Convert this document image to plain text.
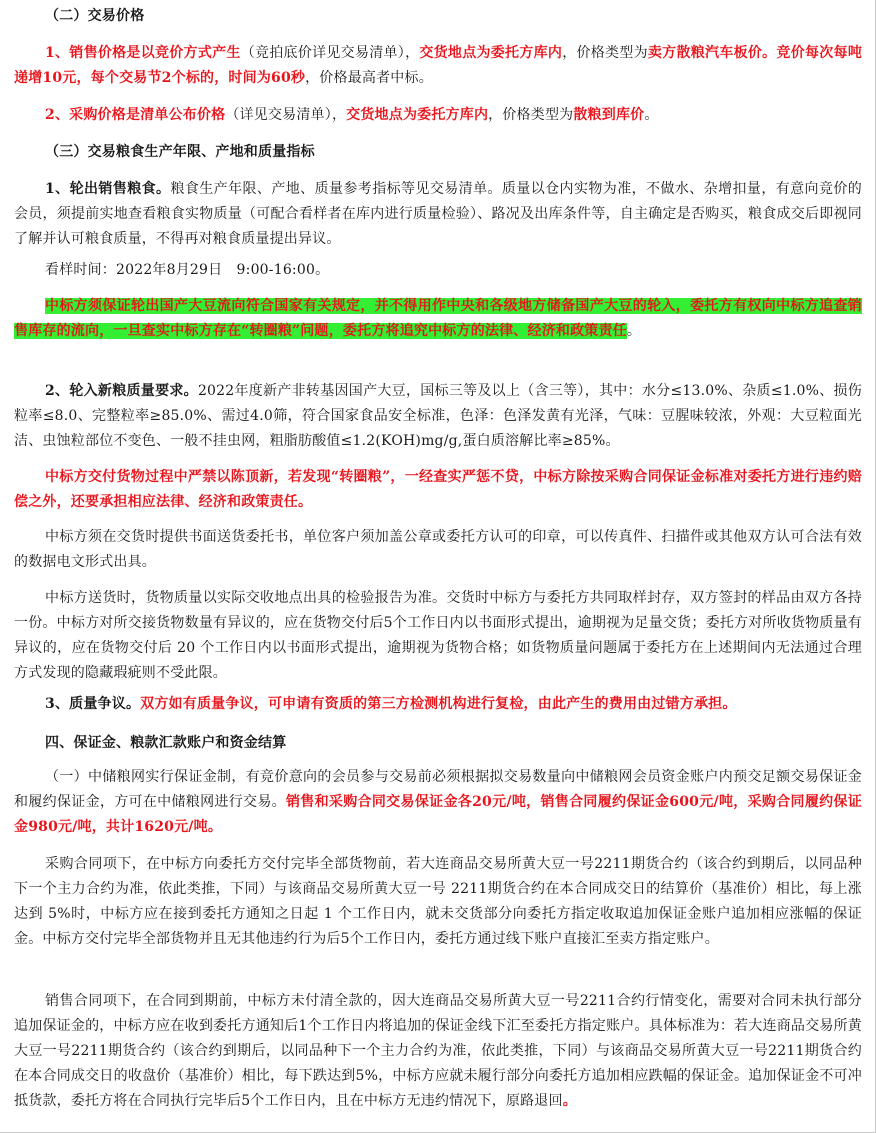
（二）交易价格

1、销售价格是以竞价方式产生（竞拍底价详见交易清单），交货地点为委托方库内，价格类型为卖方散粮汽车板价。竞价每次每吨递增10元，每个交易节2个标的，时间为60秒，价格最高者中标。

2、采购价格是清单公布价格（详见交易清单），交货地点为委托方库内，价格类型为散粮到库价。

（三）交易粮食生产年限、产地和质量指标

1、轮出销售粮食。粮食生产年限、产地、质量参考指标等见交易清单。质量以仓内实物为准，不做水、杂增扣量，有意向竞价的会员，须提前实地查看粮食实物质量（可配合看样者在库内进行质量检验）、路况及出库条件等，自主确定是否购买，粮食成交后即视同了解并认可粮食质量，不得再对粮食质量提出异议。

看样时间：2022年8月29日　9:00-16:00。

中标方须保证轮出国产大豆流向符合国家有关规定，并不得用作中央和各级地方储备国产大豆的轮入，委托方有权向中标方追查销售库存的流向，一旦查实中标方存在“转圈粮”问题，委托方将追究中标方的法律、经济和政策责任。

2、轮入新粮质量要求。2022年度新产非转基因国产大豆，国标三等及以上（含三等），其中：水分≤13.0%、杂质≤1.0%、损伤粒率≤8.0、完整粒率≥85.0%、需过4.0筛，符合国家食品安全标准，色泽：色泽发黄有光泽，气味：豆腥味较浓，外观：大豆粒面光洁、虫蚀粒部位不变色、一般不挂虫网，粗脂肪酸值≤1.2(KOH)mg/g,蛋白质溶解比率≥85%。

中标方交付货物过程中严禁以陈顶新，若发现“转圈粮”，一经查实严惩不贷，中标方除按采购合同保证金标准对委托方进行违约赔偿之外，还要承担相应法律、经济和政策责任。

中标方须在交货时提供书面送货委托书，单位客户须加盖公章或委托方认可的印章，可以传真件、扫描件或其他双方认可合法有效的数据电文形式出具。

中标方送货时，货物质量以实际交收地点出具的检验报告为准。交货时中标方与委托方共同取样封存，双方签封的样品由双方各持一份。中标方对所交接货物数量有异议的，应在货物交付后5个工作日内以书面形式提出，逾期视为足量交货；委托方对所收货物质量有异议的，应在货物交付后 20 个工作日内以书面形式提出，逾期视为货物合格；如货物质量问题属于委托方在上述期间内无法通过合理方式发现的隐藏瑕疵则不受此限。

3、质量争议。双方如有质量争议，可申请有资质的第三方检测机构进行复检，由此产生的费用由过错方承担。

四、保证金、粮款汇款账户和资金结算

（一）中储粮网实行保证金制，有竞价意向的会员参与交易前必须根据拟交易数量向中储粮网会员资金账户内预交足额交易保证金和履约保证金，方可在中储粮网进行交易。销售和采购合同交易保证金各20元/吨，销售合同履约保证金600元/吨，采购合同履约保证金980元/吨，共计1620元/吨。

采购合同项下，在中标方向委托方交付完毕全部货物前，若大连商品交易所黄大豆一号2211期货合约（该合约到期后，以同品种下一个主力合约为准，依此类推，下同）与该商品交易所黄大豆一号 2211期货合约在本合同成交日的结算价（基准价）相比，每上涨达到 5%时，中标方应在接到委托方通知之日起 1 个工作日内，就未交货部分向委托方指定收取追加保证金账户追加相应涨幅的保证金。中标方交付完毕全部货物并且无其他违约行为后5个工作日内，委托方通过线下账户直接汇至卖方指定账户。

销售合同项下，在合同到期前，中标方未付清全款的，因大连商品交易所黄大豆一号2211合约行情变化，需要对合同未执行部分追加保证金的，中标方应在收到委托方通知后1个工作日内将追加的保证金线下汇至委托方指定账户。具体标准为：若大连商品交易所黄大豆一号2211期货合约（该合约到期后，以同品种下一个主力合约为准，依此类推，下同）与该商品交易所黄大豆一号2211期货合约在本合同成交日的收盘价（基准价）相比，每下跌达到5%，中标方应就未履行部分向委托方追加相应跌幅的保证金。追加保证金不可冲抵货款，委托方将在合同执行完毕后5个工作日内，且在中标方无违约情况下，原路退回。
